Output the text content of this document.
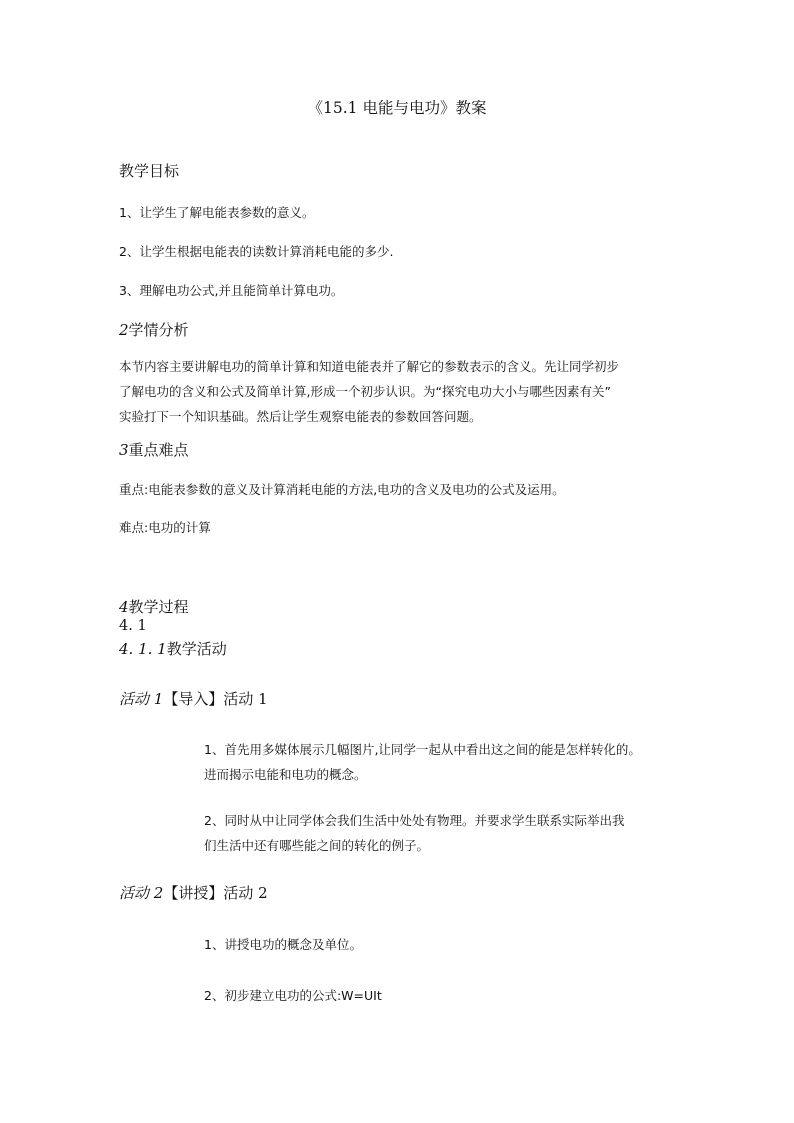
《15.1 电能与电功》教案
教学目标
1、让学生了解电能表参数的意义。
2、让学生根据电能表的读数计算消耗电能的多少.
3、理解电功公式,并且能简单计算电功。
2学情分析
本节内容主要讲解电功的简单计算和知道电能表并了解它的参数表示的含义。先让同学初步
了解电功的含义和公式及简单计算,形成一个初步认识。为“探究电功大小与哪些因素有关”
实验打下一个知识基础。然后让学生观察电能表的参数回答问题。
3重点难点
重点:电能表参数的意义及计算消耗电能的方法,电功的含义及电功的公式及运用。
难点:电功的计算
4教学过程
4. 1
4. 1. 1教学活动
活动 1【导入】活动 1
1、首先用多媒体展示几幅图片,让同学一起从中看出这之间的能是怎样转化的。
进而揭示电能和电功的概念。
2、同时从中让同学体会我们生活中处处有物理。并要求学生联系实际举出我
们生活中还有哪些能之间的转化的例子。
活动 2【讲授】活动 2
1、讲授电功的概念及单位。
2、初步建立电功的公式:W=UIt
